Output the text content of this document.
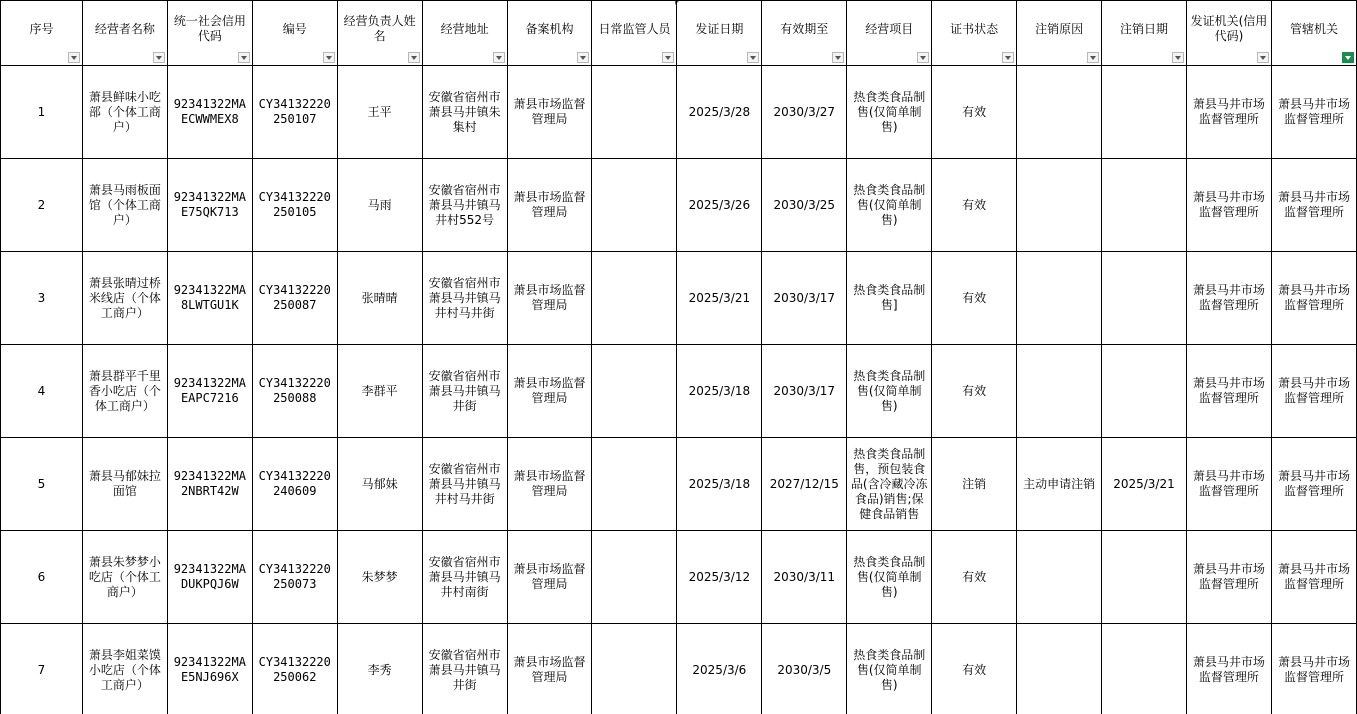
序号	经营者名称	统一社会信用代码	编号	经营负责人姓名	经营地址	备案机构	日常监管人员	发证日期	有效期至	经营项目	证书状态	注销原因	注销日期	发证机关(信用代码)	管辖机关

1	萧县鲜味小吃部（个体工商户）	92341322MAECWWMEX8	CY34132220250107	王平	安徽省宿州市萧县马井镇朱集村	萧县市场监督管理局		2025/3/28	2030/3/27	热食类食品制售(仅简单制售)	有效			萧县马井市场监督管理所	萧县马井市场监督管理所
2	萧县马雨板面馆（个体工商户）	92341322MAE75QK713	CY34132220250105	马雨	安徽省宿州市萧县马井镇马井村552号	萧县市场监督管理局		2025/3/26	2030/3/25	热食类食品制售(仅简单制售)	有效			萧县马井市场监督管理所	萧县马井市场监督管理所
3	萧县张晴过桥米线店（个体工商户）	92341322MA8LWTGU1K	CY34132220250087	张晴晴	安徽省宿州市萧县马井镇马井村马井街	萧县市场监督管理局		2025/3/21	2030/3/17	热食类食品制售]	有效			萧县马井市场监督管理所	萧县马井市场监督管理所
4	萧县群平千里香小吃店（个体工商户）	92341322MAEAPC7216	CY34132220250088	李群平	安徽省宿州市萧县马井镇马井街	萧县市场监督管理局		2025/3/18	2030/3/17	热食类食品制售(仅简单制售)	有效			萧县马井市场监督管理所	萧县马井市场监督管理所
5	萧县马郁妹拉面馆	92341322MA2NBRT42W	CY34132220240609	马郁妹	安徽省宿州市萧县马井镇马井村马井街	萧县市场监督管理局		2025/3/18	2027/12/15	热食类食品制售，预包装食品(含冷藏冷冻食品)销售;保健食品销售	注销	主动申请注销	2025/3/21	萧县马井市场监督管理所	萧县马井市场监督管理所
6	萧县朱梦梦小吃店（个体工商户）	92341322MADUKPQJ6W	CY34132220250073	朱梦梦	安徽省宿州市萧县马井镇马井村南街	萧县市场监督管理局		2025/3/12	2030/3/11	热食类食品制售(仅简单制售)	有效			萧县马井市场监督管理所	萧县马井市场监督管理所
7	萧县李姐菜馍小吃店（个体工商户）	92341322MAE5NJ696X	CY34132220250062	李秀	安徽省宿州市萧县马井镇马井街	萧县市场监督管理局		2025/3/6	2030/3/5	热食类食品制售(仅简单制售)	有效			萧县马井市场监督管理所	萧县马井市场监督管理所
